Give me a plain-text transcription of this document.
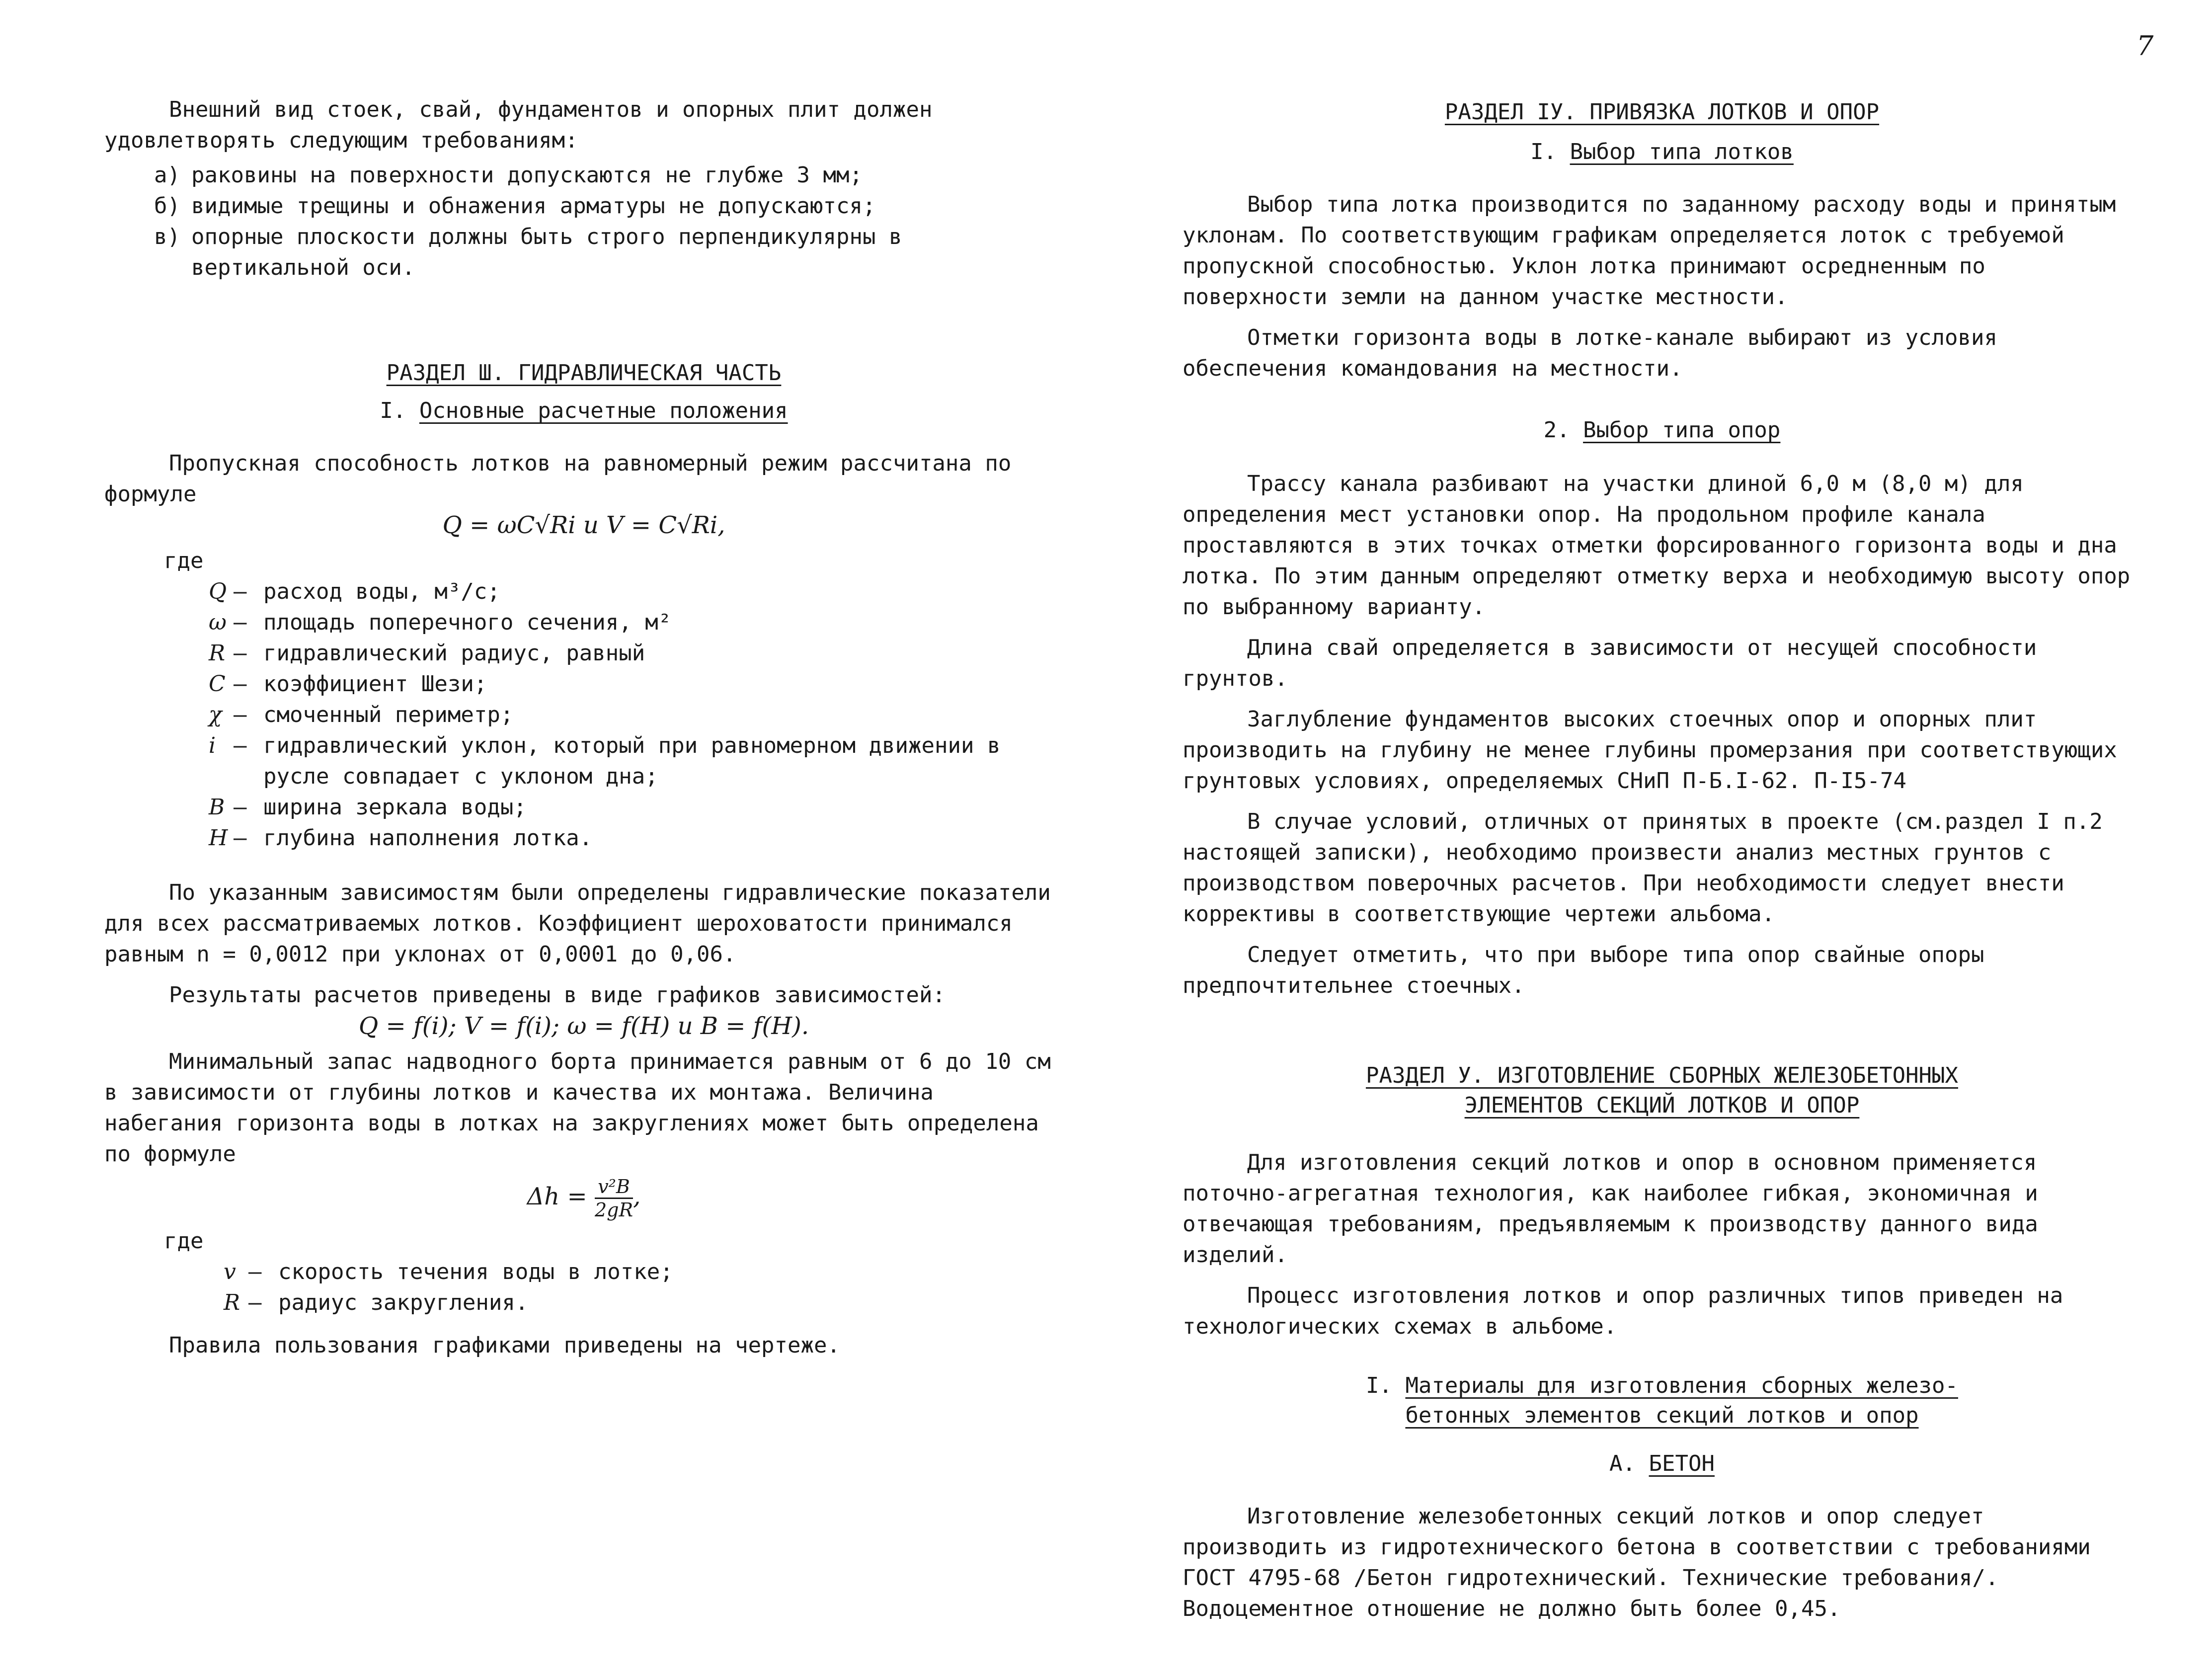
7

Внешний вид стоек, свай, фундаментов и опорных плит должен удовлетворять следующим требованиям:

а) раковины на поверхности допускаются не глубже 3 мм;
б) видимые трещины и обнажения арматуры не допускаются;
в) опорные плоскости должны быть строго перпендикулярны в вертикальной оси.
РАЗДЕЛ Ш. ГИДРАВЛИЧЕСКАЯ ЧАСТЬ

I. Основные расчетные положения

Пропускная способность лотков на равномерный режим рассчитана по формуле

Q = ωC√Ri и V = C√Ri,

где

Q – расход воды, м³/с;
ω – площадь поперечного сечения, м²
R – гидравлический радиус, равный
C – коэффициент Шези;
χ – смоченный периметр;
i – гидравлический уклон, который при равномерном движении в русле совпадает с уклоном дна;
B – ширина зеркала воды;
H – глубина наполнения лотка.

По указанным зависимостям были определены гидравлические показатели для всех рассматриваемых лотков. Коэффициент шероховатости принимался равным n = 0,0012 при уклонах от 0,0001 до 0,06.

Результаты расчетов приведены в виде графиков зависимостей:

Q = f(i); V = f(i); ω = f(H) и B = f(H).

Минимальный запас надводного борта принимается равным от 6 до 10 см в зависимости от глубины лотков и качества их монтажа. Величина набегания горизонта воды в лотках на закруглениях может быть определена по формуле

$\Delta h = \frac{\text{v²B}}{2gR}$ ,

где

v – скорость течения воды в лотке;
R – радиус закругления.

Правила пользования графиками приведены на чертеже.

РАЗДЕЛ IУ. ПРИВЯЗКА ЛОТКОВ И ОПОР

I. Выбор типа лотков

Выбор типа лотка производится по заданному расходу воды и принятым уклонам. По соответствующим графикам определяется лоток с требуемой пропускной способностью. Уклон лотка принимают осредненным по поверхности земли на данном участке местности.

Отметки горизонта воды в лотке-канале выбирают из условия обеспечения командования на местности.

2. Выбор типа опор

Трассу канала разбивают на участки длиной 6,0 м (8,0 м) для определения мест установки опор. На продольном профиле канала проставляются в этих точках отметки форсированного горизонта воды и дна лотка. По этим данным определяют отметку верха и необходимую высоту опор по выбранному варианту.

Длина свай определяется в зависимости от несущей способности грунтов.

Заглубление фундаментов высоких стоечных опор и опорных плит производить на глубину не менее глубины промерзания при соответствующих грунтовых условиях, определяемых СНиП П-Б.I-62. П-I5-74

В случае условий, отличных от принятых в проекте (см.раздел I п.2 настоящей записки), необходимо произвести анализ местных грунтов с производством поверочных расчетов. При необходимости следует внести коррективы в соответствующие чертежи альбома.

Следует отметить, что при выборе типа опор свайные опоры предпочтительнее стоечных.

РАЗДЕЛ У. ИЗГОТОВЛЕНИЕ СБОРНЫХ ЖЕЛЕЗОБЕТОННЫХ
ЭЛЕМЕНТОВ СЕКЦИЙ ЛОТКОВ И ОПОР

Для изготовления секций лотков и опор в основном применяется поточно-агрегатная технология, как наиболее гибкая, экономичная и отвечающая требованиям, предъявляемым к производству данного вида изделий.

Процесс изготовления лотков и опор различных типов приведен на технологических схемах в альбоме.

I. Материалы для изготовления сборных железо-
бетонных элементов секций лотков и опор

А. БЕТОН

Изготовление железобетонных секций лотков и опор следует производить из гидротехнического бетона в соответствии с требованиями ГОСТ 4795-68 /Бетон гидротехнический. Технические требования/. Водоцементное отношение не должно быть более 0,45.
